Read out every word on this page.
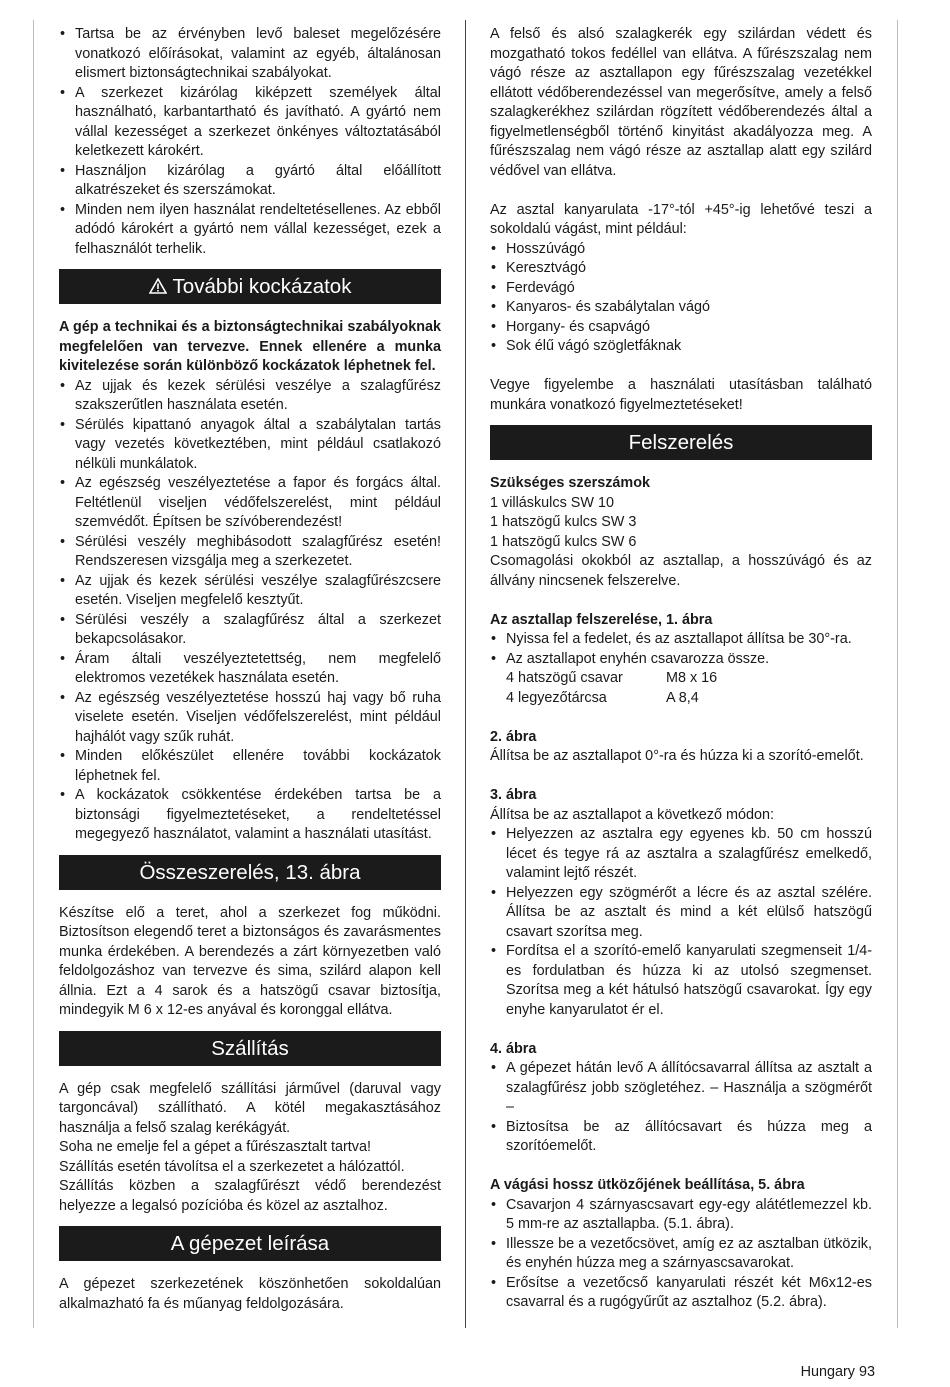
• Tartsa be az érvényben levő baleset megelőzésére vonatkozó előírásokat, valamint az egyéb, általánosan elismert biztonságtechnikai szabályokat.
• A szerkezet kizárólag kiképzett személyek által használható, karbantartható és javítható. A gyártó nem vállal kezességet a szerkezet önkényes változtatásából keletkezett károkért.
• Használjon kizárólag a gyártó által előállított alkatrészeket és szerszámokat.
• Minden nem ilyen használat rendeltetésellenes. Az ebből adódó károkért a gyártó nem vállal kezességet, ezek a felhasználót terhelik.
További kockázatok

A gép a technikai és a biztonságtechnikai szabályoknak megfelelően van tervezve. Ennek ellenére a munka kivitelezése során különböző kockázatok léphetnek fel.

• Az ujjak és kezek sérülési veszélye a szalagfűrész szakszerűtlen használata esetén.
• Sérülés kipattanó anyagok által a szabálytalan tartás vagy vezetés következtében, mint például csatlakozó nélküli munkálatok.
• Az egészség veszélyeztetése a fapor és forgács által. Feltétlenül viseljen védőfelszerelést, mint például szemvédőt. Építsen be szívóberendezést!
• Sérülési veszély meghibásodott szalagfűrész esetén! Rendszeresen vizsgálja meg a szerkezetet.
• Az ujjak és kezek sérülési veszélye szalagfűrészcsere esetén. Viseljen megfelelő kesztyűt.
• Sérülési veszély a szalagfűrész által a szerkezet bekapcsolásakor.
• Áram általi veszélyeztetettség, nem megfelelő elektromos vezetékek használata esetén.
• Az egészség veszélyeztetése hosszú haj vagy bő ruha viselete esetén. Viseljen védőfelszerelést, mint például hajhálót vagy szűk ruhát.
• Minden előkészület ellenére további kockázatok léphetnek fel.
• A kockázatok csökkentése érdekében tartsa be a biztonsági figyelmeztetéseket, a rendeltetéssel megegyező használatot, valamint a használati utasítást.
Összeszerelés, 13. ábra

Készítse elő a teret, ahol a szerkezet fog működni. Biztosítson elegendő teret a biztonságos és zavarásmentes munka érdekében. A berendezés a zárt környezetben való feldolgozáshoz van tervezve és sima, szilárd alapon kell állnia. Ezt a 4 sarok és a hatszögű csavar biztosítja, mindegyik M 6 x 12-es anyával és koronggal ellátva.

Szállítás

A gép csak megfelelő szállítási járművel (daruval vagy targoncával) szállítható. A kötél megakasztásához használja a felső szalag kerékágyát.

Soha ne emelje fel a gépet a fűrészasztalt tartva!

Szállítás esetén távolítsa el a szerkezetet a hálózattól.

Szállítás közben a szalagfűrészt védő berendezést helyezze a legalsó pozícióba és közel az asztalhoz.

A gépezet leírása

A gépezet szerkezetének köszönhetően sokoldalúan alkalmazható fa és műanyag feldolgozására.

A felső és alsó szalagkerék egy szilárdan védett és mozgatható tokos fedéllel van ellátva. A fűrészszalag nem vágó része az asztallapon egy fűrészszalag vezetékkel ellátott védőberendezéssel van megerősítve, amely a felső szalagkerékhez szilárdan rögzített védőberendezés által a figyelmetlenségből történő kinyitást akadályozza meg. A fűrészszalag nem vágó része az asztallap alatt egy szilárd védővel van ellátva.

Az asztal kanyarulata -17°-tól +45°-ig lehetővé teszi a sokoldalú vágást, mint például:

• Hosszúvágó
• Keresztvágó
• Ferdevágó
• Kanyaros- és szabálytalan vágó
• Horgany- és csapvágó
• Sok élű vágó szögletfáknak

Vegye figyelembe a használati utasításban található munkára vonatkozó figyelmeztetéseket!

Felszerelés

Szükséges szerszámok

1 villáskulcs SW 10

1 hatszögű kulcs SW 3

1 hatszögű kulcs SW 6

Csomagolási okokból az asztallap, a hosszúvágó és az állvány nincsenek felszerelve.

Az asztallap felszerelése, 1. ábra

• Nyissa fel a fedelet, és az asztallapot állítsa be 30°-ra.
• Az asztallapot enyhén csavarozza össze.
4 hatszögű csavar	M8 x 16
4 legyezőtárcsa	A 8,4

2. ábra

Állítsa be az asztallapot 0°-ra és húzza ki a szorító-emelőt.

3. ábra

Állítsa be az asztallapot a következő módon:

• Helyezzen az asztalra egy egyenes kb. 50 cm hosszú lécet és tegye rá az asztalra a szalagfűrész emelkedő, valamint lejtő részét.
• Helyezzen egy szögmérőt a lécre és az asztal szélére. Állítsa be az asztalt és mind a két elülső hatszögű csavart szorítsa meg.
• Fordítsa el a szorító-emelő kanyarulati szegmenseit 1/4-es fordulatban és húzza ki az utolsó szegmenset. Szorítsa meg a két hátulsó hatszögű csavarokat. Így egy enyhe kanyarulatot ér el.

4. ábra

• A gépezet hátán levő A állítócsavarral állítsa az asztalt a szalagfűrész jobb szögletéhez. – Használja a szögmérőt –
• Biztosítsa be az állítócsavart és húzza meg a szorítóemelőt.

A vágási hossz ütközőjének beállítása, 5. ábra

• Csavarjon 4 szárnyascsavart egy-egy alátétlemezzel kb. 5 mm-re az asztallapba. (5.1. ábra).
• Illessze be a vezetőcsövet, amíg ez az asztalban ütközik, és enyhén húzza meg a szárnyascsavarokat.
• Erősítse a vezetőcső kanyarulati részét két M6x12-es csavarral és a rugógyűrűt az asztalhoz (5.2. ábra).
Hungary 93
